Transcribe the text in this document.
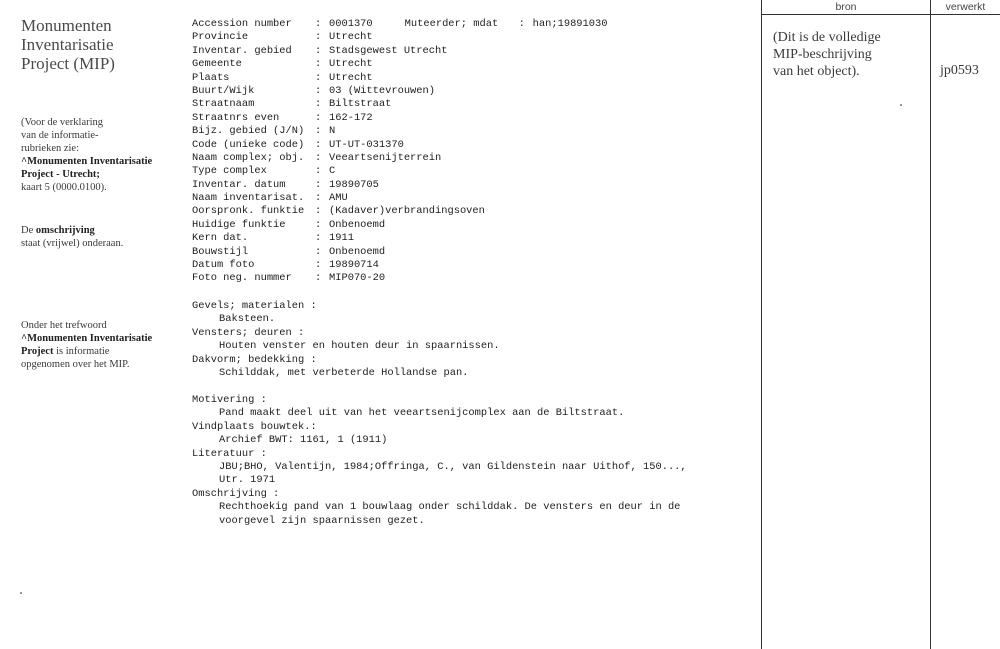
Monumenten
Inventarisatie
Project (MIP)
(Voor de verklaring
van de informatie-
rubrieken zie:
^Monumenten Inventarisatie
Project - Utrecht;
kaart 5 (0000.0100).
De omschrijving
staat (vrijwel) onderaan.
Onder het trefwoord
^Monumenten Inventarisatie
Project is informatie
opgenomen over het MIP.
Accession number	: 0001370	Muteerder; mdat	: han;19891030
Provincie	: Utrecht
Inventar. gebied	: Stadsgewest Utrecht
Gemeente	: Utrecht
Plaats	: Utrecht
Buurt/Wijk	: 03 (Wittevrouwen)
Straatnaam	: Biltstraat
Straatnrs even	: 162-172
Bijz. gebied (J/N)	: N
Code (unieke code)	: UT-UT-031370
Naam complex; obj.	: Veeartsenijterrein
Type complex	: C
Inventar. datum	: 19890705
Naam inventarisat.	: AMU
Oorspronk. funktie	: (Kadaver)verbrandingsoven
Huidige funktie	: Onbenoemd
Kern dat.	: 1911
Bouwstijl	: Onbenoemd
Datum foto	: 19890714
Foto neg. nummer	: MIP070-20
Gevels; materialen :
Baksteen.
Vensters; deuren :
Houten venster en houten deur in spaarnissen.
Dakvorm; bedekking :
Schilddak, met verbeterde Hollandse pan.
Motivering :
Pand maakt deel uit van het veeartsenijcomplex aan de Biltstraat.
Vindplaats bouwtek.:
Archief BWT: 1161, 1 (1911)
Literatuur :
JBU;BHO, Valentijn, 1984;Offringa, C., van Gildenstein naar Uithof, 150...,
Utr. 1971
Omschrijving :
Rechthoekig pand van 1 bouwlaag onder schilddak. De vensters en deur in de
voorgevel zijn spaarnissen gezet.
bron	verwerkt
(Dit is de volledige
MIP-beschrijving
van het object).	jp0593
